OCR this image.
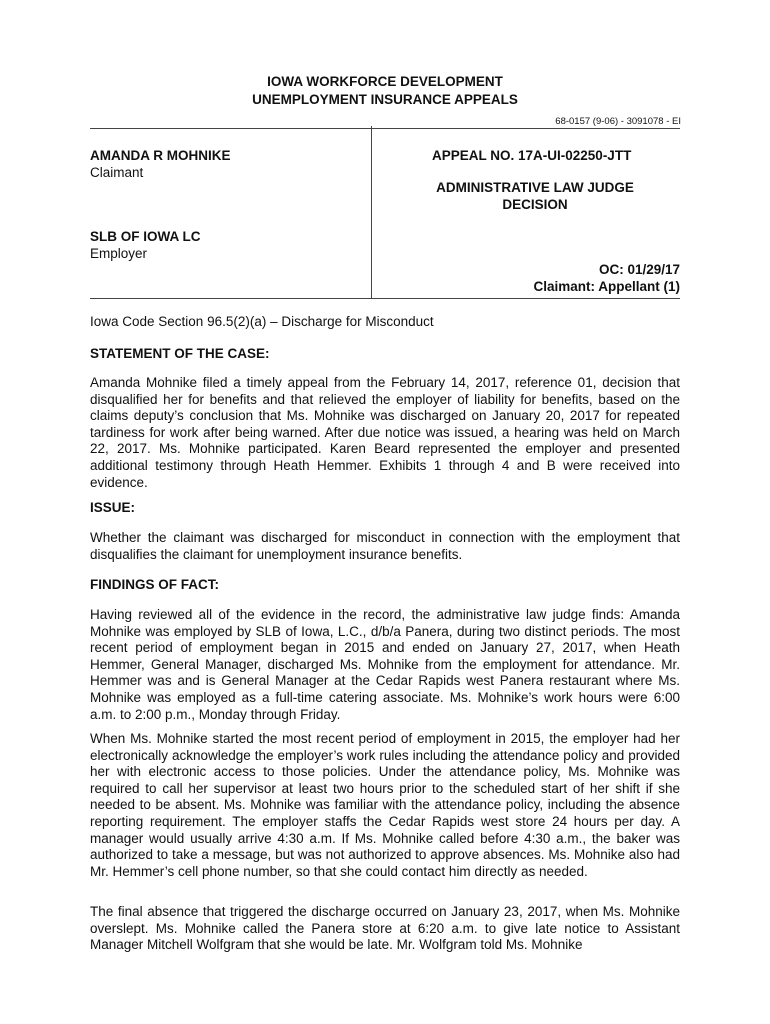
IOWA WORKFORCE DEVELOPMENT
UNEMPLOYMENT INSURANCE APPEALS
68-0157 (9-06) - 3091078 - EI
AMANDA R MOHNIKE
Claimant
SLB OF IOWA LC
Employer
APPEAL NO. 17A-UI-02250-JTT
ADMINISTRATIVE LAW JUDGE
DECISION
OC: 01/29/17
Claimant: Appellant (1)
Iowa Code Section 96.5(2)(a) – Discharge for Misconduct
STATEMENT OF THE CASE:
Amanda Mohnike filed a timely appeal from the February 14, 2017, reference 01, decision that disqualified her for benefits and that relieved the employer of liability for benefits, based on the claims deputy’s conclusion that Ms. Mohnike was discharged on January 20, 2017 for repeated tardiness for work after being warned. After due notice was issued, a hearing was held on March 22, 2017. Ms. Mohnike participated. Karen Beard represented the employer and presented additional testimony through Heath Hemmer. Exhibits 1 through 4 and B were received into evidence.
ISSUE:
Whether the claimant was discharged for misconduct in connection with the employment that disqualifies the claimant for unemployment insurance benefits.
FINDINGS OF FACT:
Having reviewed all of the evidence in the record, the administrative law judge finds: Amanda Mohnike was employed by SLB of Iowa, L.C., d/b/a Panera, during two distinct periods. The most recent period of employment began in 2015 and ended on January 27, 2017, when Heath Hemmer, General Manager, discharged Ms. Mohnike from the employment for attendance. Mr. Hemmer was and is General Manager at the Cedar Rapids west Panera restaurant where Ms. Mohnike was employed as a full-time catering associate. Ms. Mohnike’s work hours were 6:00 a.m. to 2:00 p.m., Monday through Friday.
When Ms. Mohnike started the most recent period of employment in 2015, the employer had her electronically acknowledge the employer’s work rules including the attendance policy and provided her with electronic access to those policies. Under the attendance policy, Ms. Mohnike was required to call her supervisor at least two hours prior to the scheduled start of her shift if she needed to be absent. Ms. Mohnike was familiar with the attendance policy, including the absence reporting requirement. The employer staffs the Cedar Rapids west store 24 hours per day. A manager would usually arrive 4:30 a.m. If Ms. Mohnike called before 4:30 a.m., the baker was authorized to take a message, but was not authorized to approve absences. Ms. Mohnike also had Mr. Hemmer’s cell phone number, so that she could contact him directly as needed.
The final absence that triggered the discharge occurred on January 23, 2017, when Ms. Mohnike overslept. Ms. Mohnike called the Panera store at 6:20 a.m. to give late notice to Assistant Manager Mitchell Wolfgram that she would be late. Mr. Wolfgram told Ms. Mohnike
